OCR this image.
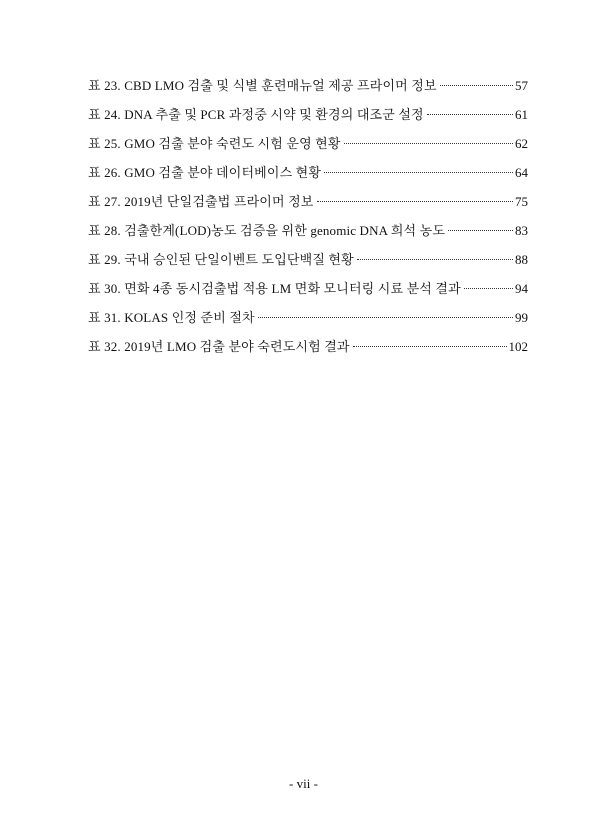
표 23. CBD LMO 검출 및 식별 훈련매뉴얼 제공 프라이머 정보	57
표 24. DNA 추출 및 PCR 과정중 시약 및 환경의 대조군 설정	61
표 25. GMO 검출 분야 숙련도 시험 운영 현황	62
표 26. GMO 검출 분야 데이터베이스 현황	64
표 27. 2019년 단일검출법 프라이머 정보	75
표 28. 검출한계(LOD)농도 검증을 위한 genomic DNA 희석 농도	83
표 29. 국내 승인된 단일이벤트 도입단백질 현황	88
표 30. 면화 4종 동시검출법 적용 LM 면화 모니터링 시료 분석 결과	94
표 31. KOLAS 인정 준비 절차	99
표 32. 2019년 LMO 검출 분야 숙련도시험 결과	102
- vii -
